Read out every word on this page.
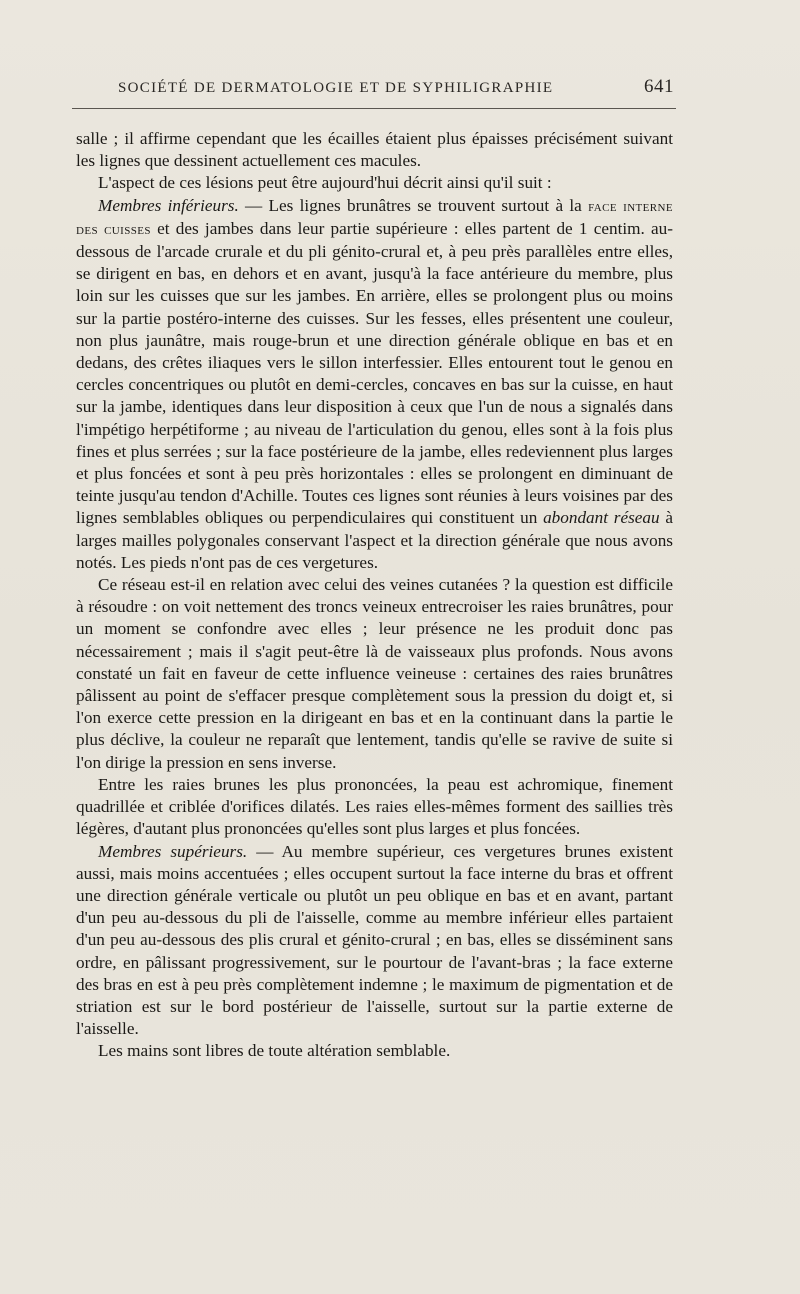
SOCIÉTÉ DE DERMATOLOGIE ET DE SYPHILIGRAPHIE	641

salle ; il affirme cependant que les écailles étaient plus épaisses précisément suivant les lignes que dessinent actuellement ces macules.

L'aspect de ces lésions peut être aujourd'hui décrit ainsi qu'il suit :

Membres inférieurs. — Les lignes brunâtres se trouvent surtout à la face interne des cuisses et des jambes dans leur partie supérieure : elles partent de 1 centim. au-dessous de l'arcade crurale et du pli génito-crural et, à peu près parallèles entre elles, se dirigent en bas, en dehors et en avant, jusqu'à la face antérieure du membre, plus loin sur les cuisses que sur les jambes. En arrière, elles se prolongent plus ou moins sur la partie postéro-interne des cuisses. Sur les fesses, elles présentent une couleur, non plus jaunâtre, mais rouge-brun et une direction générale oblique en bas et en dedans, des crêtes iliaques vers le sillon interfessier. Elles entourent tout le genou en cercles concentriques ou plutôt en demi-cercles, concaves en bas sur la cuisse, en haut sur la jambe, identiques dans leur disposition à ceux que l'un de nous a signalés dans l'impétigo herpétiforme ; au niveau de l'articulation du genou, elles sont à la fois plus fines et plus serrées ; sur la face postérieure de la jambe, elles redeviennent plus larges et plus foncées et sont à peu près horizontales : elles se prolongent en diminuant de teinte jusqu'au tendon d'Achille. Toutes ces lignes sont réunies à leurs voisines par des lignes semblables obliques ou perpendiculaires qui constituent un abondant réseau à larges mailles polygonales conservant l'aspect et la direction générale que nous avons notés. Les pieds n'ont pas de ces vergetures.

Ce réseau est-il en relation avec celui des veines cutanées ? la question est difficile à résoudre : on voit nettement des troncs veineux entrecroiser les raies brunâtres, pour un moment se confondre avec elles ; leur présence ne les produit donc pas nécessairement ; mais il s'agit peut-être là de vaisseaux plus profonds. Nous avons constaté un fait en faveur de cette influence veineuse : certaines des raies brunâtres pâlissent au point de s'effacer presque complètement sous la pression du doigt et, si l'on exerce cette pression en la dirigeant en bas et en la continuant dans la partie le plus déclive, la couleur ne reparaît que lentement, tandis qu'elle se ravive de suite si l'on dirige la pression en sens inverse.

Entre les raies brunes les plus prononcées, la peau est achromique, finement quadrillée et criblée d'orifices dilatés. Les raies elles-mêmes forment des saillies très légères, d'autant plus prononcées qu'elles sont plus larges et plus foncées.

Membres supérieurs. — Au membre supérieur, ces vergetures brunes existent aussi, mais moins accentuées ; elles occupent surtout la face interne du bras et offrent une direction générale verticale ou plutôt un peu oblique en bas et en avant, partant d'un peu au-dessous du pli de l'aisselle, comme au membre inférieur elles partaient d'un peu au-dessous des plis crural et génito-crural ; en bas, elles se disséminent sans ordre, en pâlissant progressivement, sur le pourtour de l'avant-bras ; la face externe des bras en est à peu près complètement indemne ; le maximum de pigmentation et de striation est sur le bord postérieur de l'aisselle, surtout sur la partie externe de l'aisselle.

Les mains sont libres de toute altération semblable.
